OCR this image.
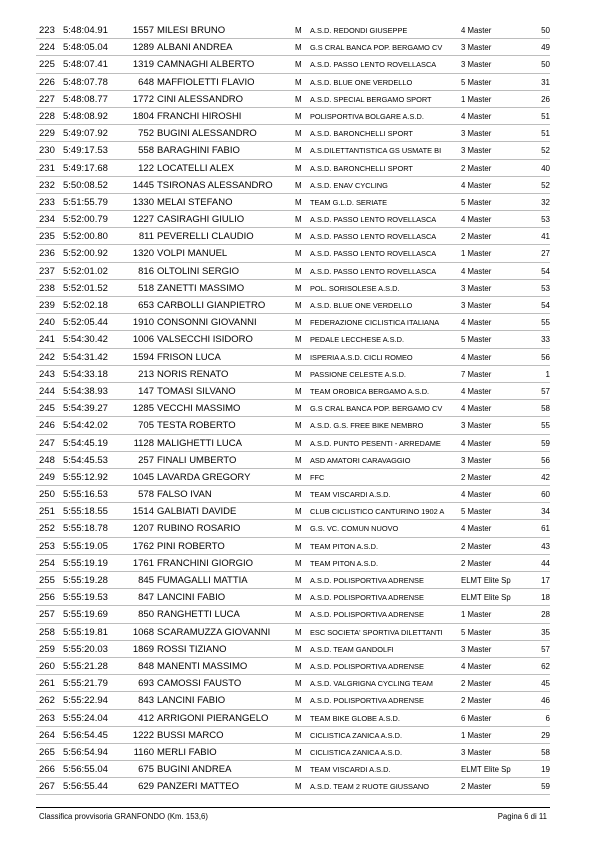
223 5:48:04.91	1557 MILESI BRUNO	M	A.S.D. REDONDI GIUSEPPE	4 Master	50
224 5:48:05.04	1289 ALBANI ANDREA	M	G.S CRAL BANCA POP. BERGAMO CV	3 Master	49
225 5:48:07.41	1319 CAMNAGHI ALBERTO	M	A.S.D. PASSO LENTO ROVELLASCA	3 Master	50
226 5:48:07.78	648 MAFFIOLETTI FLAVIO	M	A.S.D. BLUE ONE VERDELLO	5 Master	31
227 5:48:08.77	1772 CINI ALESSANDRO	M	A.S.D. SPECIAL BERGAMO SPORT	1 Master	26
228 5:48:08.92	1804 FRANCHI HIROSHI	M	POLISPORTIVA BOLGARE A.S.D.	4 Master	51
229 5:49:07.92	752 BUGINI ALESSANDRO	M	A.S.D. BARONCHELLI SPORT	3 Master	51
230 5:49:17.53	558 BARAGHINI FABIO	M	A.S.DILETTANTISTICA GS USMATE BI	3 Master	52
231 5:49:17.68	122 LOCATELLI ALEX	M	A.S.D. BARONCHELLI SPORT	2 Master	40
232 5:50:08.52	1445 TSIRONAS ALESSANDRO	M	A.S.D. ENAV CYCLING	4 Master	52
233 5:51:55.79	1330 MELAI STEFANO	M	TEAM G.L.D. SERIATE	5 Master	32
234 5:52:00.79	1227 CASIRAGHI GIULIO	M	A.S.D. PASSO LENTO ROVELLASCA	4 Master	53
235 5:52:00.80	811 PEVERELLI CLAUDIO	M	A.S.D. PASSO LENTO ROVELLASCA	2 Master	41
236 5:52:00.92	1320 VOLPI MANUEL	M	A.S.D. PASSO LENTO ROVELLASCA	1 Master	27
237 5:52:01.02	816 OLTOLINI SERGIO	M	A.S.D. PASSO LENTO ROVELLASCA	4 Master	54
238 5:52:01.52	518 ZANETTI MASSIMO	M	POL. SORISOLESE A.S.D.	3 Master	53
239 5:52:02.18	653 CARBOLLI GIANPIETRO	M	A.S.D. BLUE ONE VERDELLO	3 Master	54
240 5:52:05.44	1910 CONSONNI GIOVANNI	M	FEDERAZIONE CICLISTICA ITALIANA	4 Master	55
241 5:54:30.42	1006 VALSECCHI ISIDORO	M	PEDALE LECCHESE A.S.D.	5 Master	33
242 5:54:31.42	1594 FRISON LUCA	M	ISPERIA A.S.D. CICLI ROMEO	4 Master	56
243 5:54:33.18	213 NORIS RENATO	M	PASSIONE CELESTE A.S.D.	7 Master	1
244 5:54:38.93	147 TOMASI SILVANO	M	TEAM OROBICA BERGAMO A.S.D.	4 Master	57
245 5:54:39.27	1285 VECCHI MASSIMO	M	G.S CRAL BANCA POP. BERGAMO CV	4 Master	58
246 5:54:42.02	705 TESTA ROBERTO	M	A.S.D. G.S. FREE BIKE NEMBRO	3 Master	55
247 5:54:45.19	1128 MALIGHETTI LUCA	M	A.S.D. PUNTO PESENTI - ARREDAME	4 Master	59
248 5:54:45.53	257 FINALI UMBERTO	M	ASD AMATORI CARAVAGGIO	3 Master	56
249 5:55:12.92	1045 LAVARDA GREGORY	M	FFC	2 Master	42
250 5:55:16.53	578 FALSO IVAN	M	TEAM VISCARDI A.S.D.	4 Master	60
251 5:55:18.55	1514 GALBIATI DAVIDE	M	CLUB CICLISTICO CANTURINO 1902 A	5 Master	34
252 5:55:18.78	1207 RUBINO ROSARIO	M	G.S. VC. COMUN NUOVO	4 Master	61
253 5:55:19.05	1762 PINI ROBERTO	M	TEAM PITON A.S.D.	2 Master	43
254 5:55:19.19	1761 FRANCHINI GIORGIO	M	TEAM PITON A.S.D.	2 Master	44
255 5:55:19.28	845 FUMAGALLI MATTIA	M	A.S.D. POLISPORTIVA ADRENSE	ELMT Elite Sp	17
256 5:55:19.53	847 LANCINI FABIO	M	A.S.D. POLISPORTIVA ADRENSE	ELMT Elite Sp	18
257 5:55:19.69	850 RANGHETTI LUCA	M	A.S.D. POLISPORTIVA ADRENSE	1 Master	28
258 5:55:19.81	1068 SCARAMUZZA GIOVANNI	M	ESC SOCIETA' SPORTIVA DILETTANTI	5 Master	35
259 5:55:20.03	1869 ROSSI TIZIANO	M	A.S.D. TEAM GANDOLFI	3 Master	57
260 5:55:21.28	848 MANENTI MASSIMO	M	A.S.D. POLISPORTIVA ADRENSE	4 Master	62
261 5:55:21.79	693 CAMOSSI FAUSTO	M	A.S.D. VALGRIGNA CYCLING TEAM	2 Master	45
262 5:55:22.94	843 LANCINI FABIO	M	A.S.D. POLISPORTIVA ADRENSE	2 Master	46
263 5:55:24.04	412 ARRIGONI PIERANGELO	M	TEAM BIKE GLOBE A.S.D.	6 Master	6
264 5:56:54.45	1222 BUSSI MARCO	M	CICLISTICA ZANICA A.S.D.	1 Master	29
265 5:56:54.94	1160 MERLI FABIO	M	CICLISTICA ZANICA A.S.D.	3 Master	58
266 5:56:55.04	675 BUGINI ANDREA	M	TEAM VISCARDI A.S.D.	ELMT Elite Sp	19
267 5:56:55.44	629 PANZERI MATTEO	M	A.S.D. TEAM 2 RUOTE GIUSSANO	2 Master	59
Classifica provvisoria GRANFONDO (Km. 153,6)	Pagina 6 di 11
